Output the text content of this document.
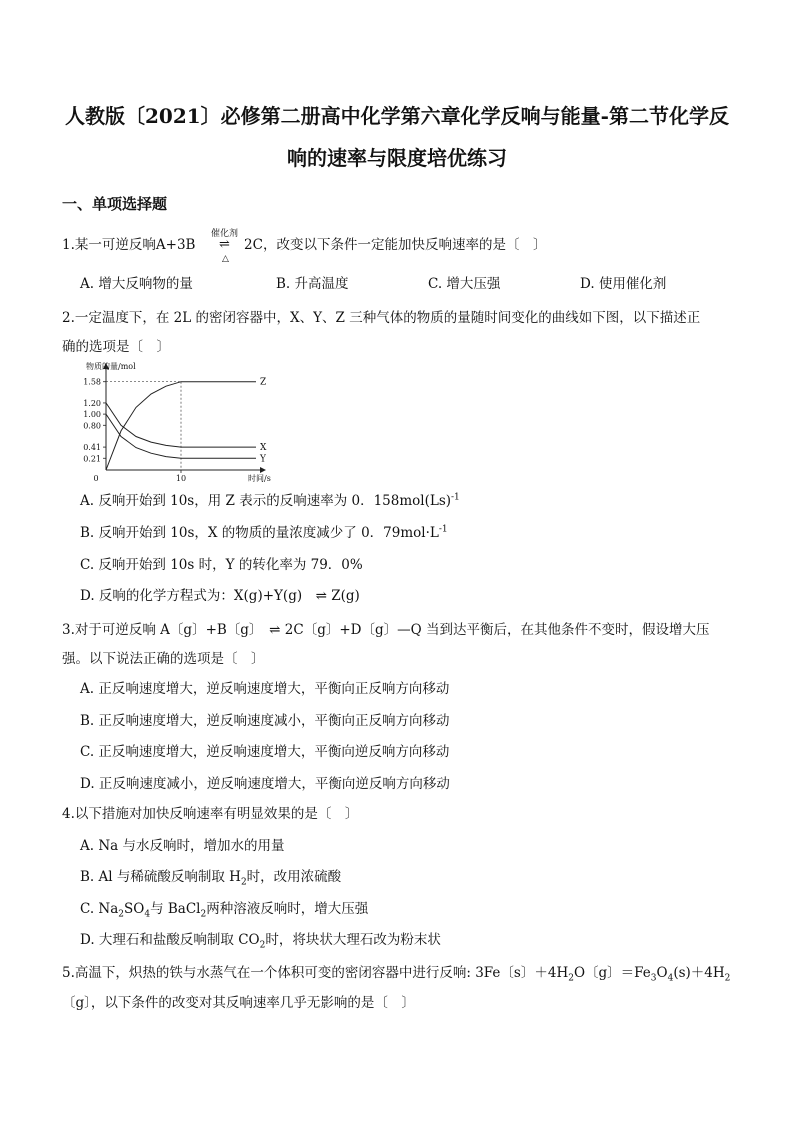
人教版〔2021〕必修第二册高中化学第六章化学反响与能量-第二节化学反
响的速率与限度培优练习
一、单项选择题
1.某一可逆反响A+3B	2C，改变以下条件一定能加快反响速率的是〔　〕
催化剂
⇌
△
A. 增大反响物的量	B. 升高温度	C. 增大压强	D. 使用催化剂
2.一定温度下，在 2L 的密闭容器中，X、Y、Z 三种气体的物质的量随时间变化的曲线如下图，以下描述正
确的选项是〔　〕
1.58
1.20
1.00
0.80
0.41
0.21
0	10
物质的量/mol
时间/s
Z
X
Y
A. 反响开始到 10s，用 Z 表示的反响速率为 0．$158mol(Ls)^{-1}$
B. 反响开始到 10s，X 的物质的量浓度减少了 0．$79mol\cdot L^{-1}$
C. 反响开始到 10s 时，Y 的转化率为 79．0%
D. 反响的化学方程式为：X(g)+Y(g)　⇌ Z(g)
3.对于可逆反响 A〔g〕+B〔g〕　⇌ 2C〔g〕+D〔g〕—Q 当到达平衡后，在其他条件不变时，假设增大压
强。以下说法正确的选项是〔　〕
A. 正反响速度增大，逆反响速度增大，平衡向正反响方向移动
B. 正反响速度增大，逆反响速度减小，平衡向正反响方向移动
C. 正反响速度增大，逆反响速度增大，平衡向逆反响方向移动
D. 正反响速度减小，逆反响速度增大，平衡向逆反响方向移动
4.以下措施对加快反响速率有明显效果的是〔　〕
A. Na 与水反响时，增加水的用量
B. Al 与稀硫酸反响制取 $H_2$时，改用浓硫酸
C. $Na_2SO_4$与 BaCl$_2$两种溶液反响时，增大压强
D. 大理石和盐酸反响制取 $CO_2$时，将块状大理石改为粉末状
5.高温下，炽热的铁与水蒸气在一个体积可变的密闭容器中进行反响: 3Fe〔s〕$+4H_2O$〔g〕$=Fe_3O_4(s)+4H_2$
〔g〕，以下条件的改变对其反响速率几乎无影响的是〔　〕
